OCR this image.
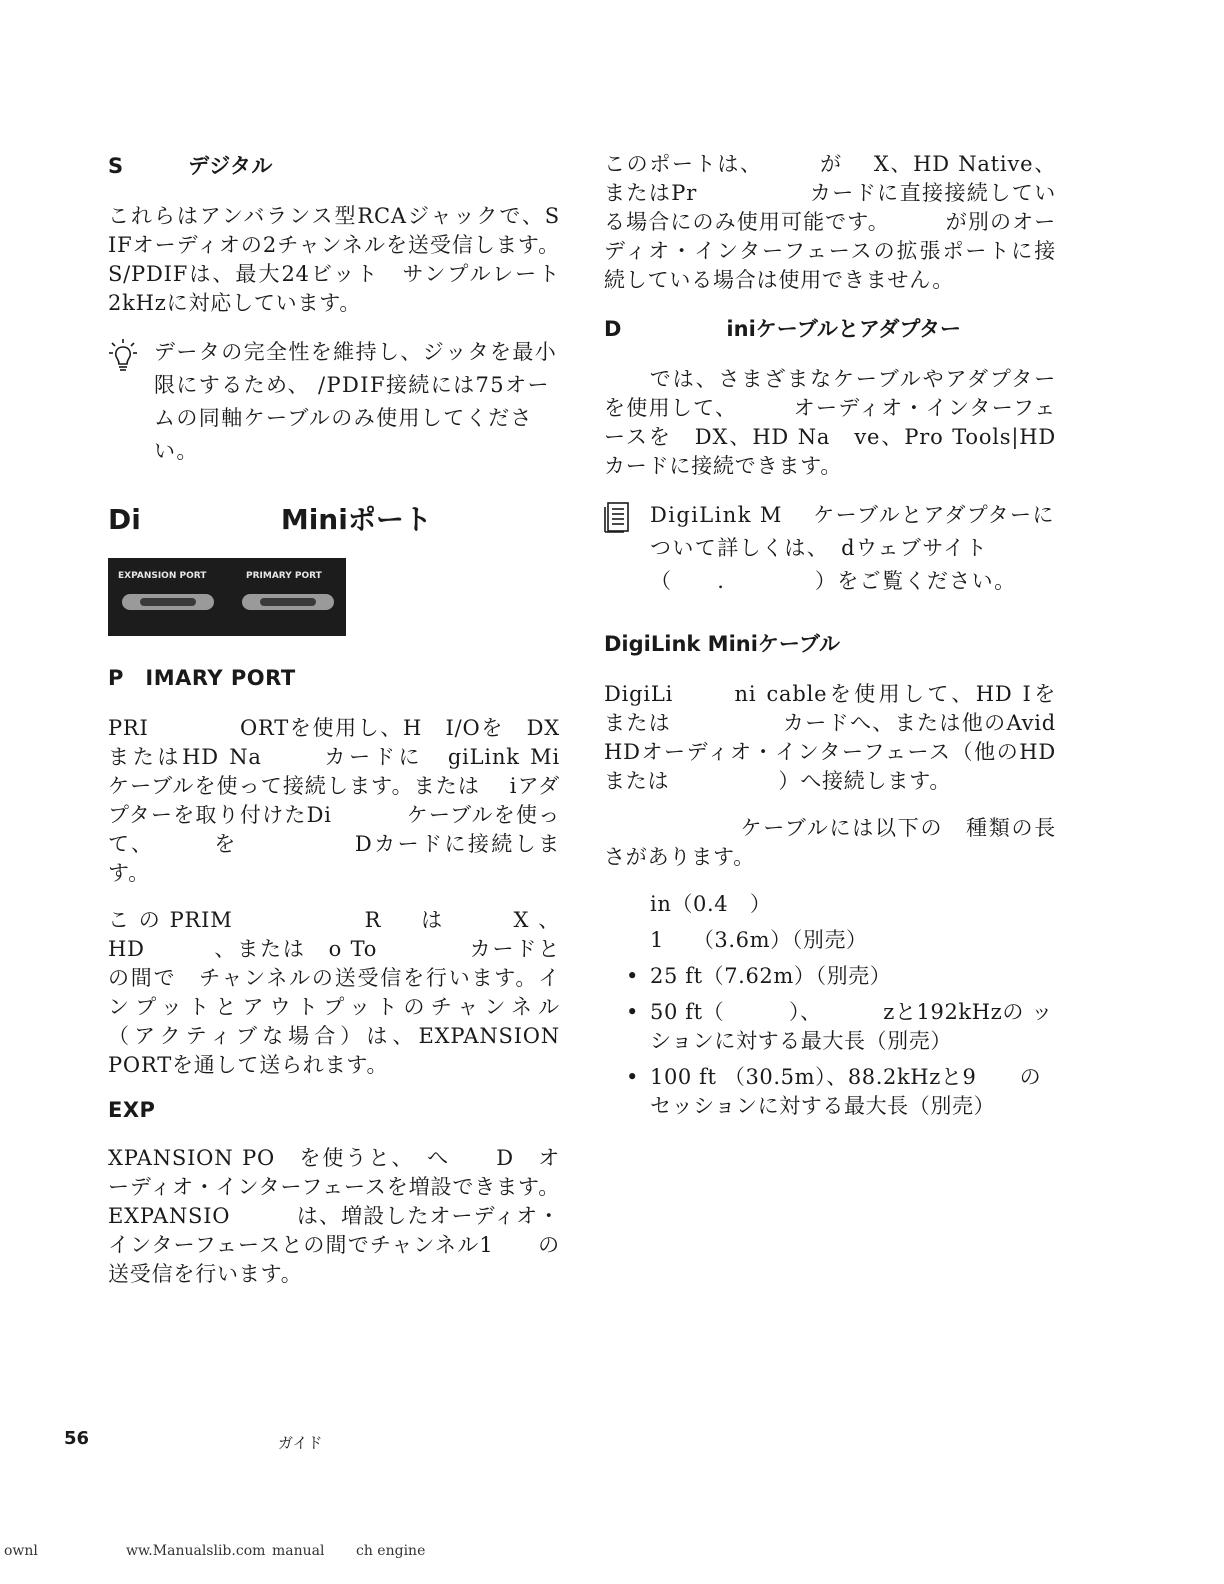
S　　　デジタル

これらはアンバランス型RCAジャックで、S　 IFオーディオの2チャンネルを送受信します。S/PDIFは、最大24ビット　サンプルレート　 2kHzに対応しています。

データの完全性を維持し、ジッタを最小限にするため、 /PDIF接続には75オームの同軸ケーブルのみ使用してください。

Di　　　　　Miniポート
EXPANSION PORT	PRIMARY PORT
P　IMARY PORT

PRI　　　　ORTを使用し、H　I/Oを　DXまたはHD Na　　 カードに　giLink Mi　ケーブルを使って接続します。または　 iアダプターを取り付けたDi　　　 ケーブルを使って、　　　を　　　　　Dカードに接続します。

このPRIM　　　　R　は　　X、HD　　　、または　o To　　　　カードとの間で　チャンネルの送受信を行います。インプットとアウトプットのチャンネル　　　（アクティブな場合）は、EXPANSION PORTを通して送られます。

EXP

XPANSION PO　を使うと、　へ　　D　オーディオ・インターフェースを増設できます。EXPANSIO　　　は、増設したオーディオ・インターフェースとの間でチャンネル1　　の送受信を行います。

このポートは、　　　が　 X、HD Native、またはPr　　　　　カードに直接接続している場合にのみ使用可能です。　　　が別のオーディオ・インターフェースの拡張ポートに接続している場合は使用できません。

D　　　　　iniケーブルとアダプター

　　では、さまざまなケーブルやアダプターを使用して、　　　オーディオ・インターフェースを　DX、HD Na　ve、Pro Tools|HDカードに接続できます。

DigiLink M　 ケーブルとアダプターについて詳しくは、　dウェブサイト（　　.　　　　）をご覧ください。

DigiLink Miniケーブル

DigiLi　　 ni cableを使用して、HD Iを　　 または　　　　　カードへ、または他のAvid HDオーディオ・インターフェース（他のHD　　または　　　　　）へ接続します。

　　　　　　ケーブルには以下の　種類の長さがあります。

in（0.4　）
1　 （3.6m）（別売）
• 25 ft（7.62m）（別売）
• 50 ft（　　　）、　　　 zと192kHzの ッションに対する最大長（別売）
• 100 ft （30.5m）、88.2kHzと9　　のセッションに対する最大長（別売）
56	ガイド
ownl	ww.Manualslib.com manual ch engine
